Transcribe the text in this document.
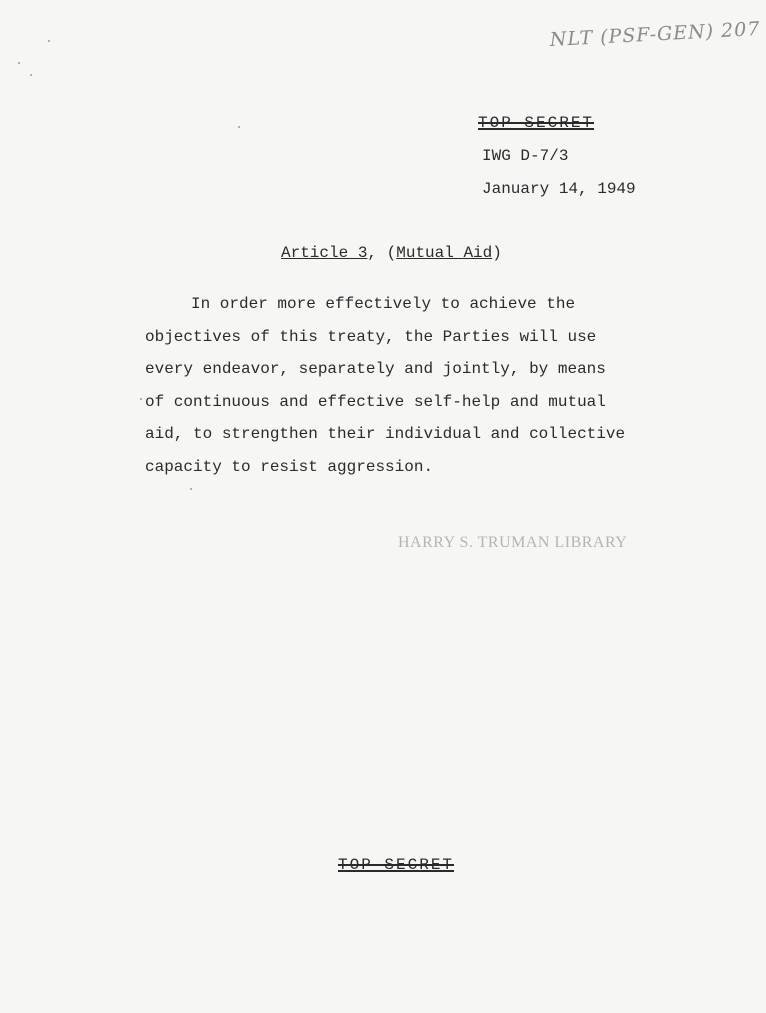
NLT (PSF-GEN) 207
TOP SECRET
IWG D-7/3
January 14, 1949
Article 3, (Mutual Aid)
In order more effectively to achieve the
objectives of this treaty, the Parties will use
every endeavor, separately and jointly, by means
of continuous and effective self-help and mutual
aid, to strengthen their individual and collective
capacity to resist aggression.
HARRY S. TRUMAN LIBRARY
TOP SECRET
